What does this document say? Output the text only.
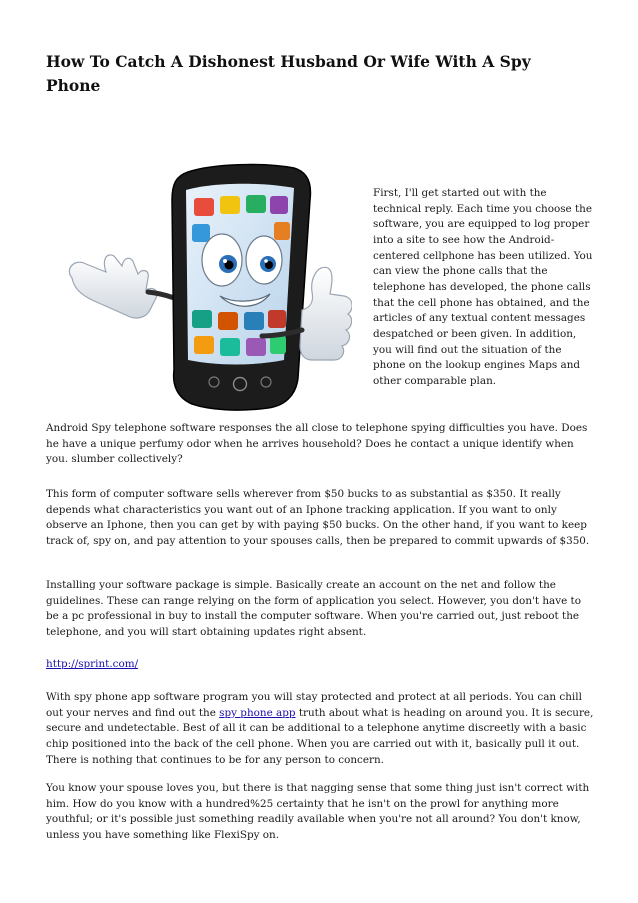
How To Catch A Dishonest Husband Or Wife With A Spy Phone

First, I'll get started out with the technical reply. Each time you choose the software, you are equipped to log proper into a site to see how the Android-centered cellphone has been utilized. You can view the phone calls that the telephone has developed, the phone calls that the cell phone has obtained, and the articles of any textual content messages despatched or been given. In addition, you will find out the situation of the phone on the lookup engines Maps and other comparable plan.

Android Spy telephone software responses the all close to telephone spying difficulties you have. Does he have a unique perfumy odor when he arrives household? Does he contact a unique identify when you. slumber collectively?

This form of computer software sells wherever from $50 bucks to as substantial as $350. It really depends what characteristics you want out of an Iphone tracking application. If you want to only observe an Iphone, then you can get by with paying $50 bucks. On the other hand, if you want to keep track of, spy on, and pay attention to your spouses calls, then be prepared to commit upwards of $350.

Installing your software package is simple. Basically create an account on the net and follow the guidelines. These can range relying on the form of application you select. However, you don't have to be a pc professional in buy to install the computer software. When you're carried out, just reboot the telephone, and you will start obtaining updates right absent.

http://sprint.com/

With spy phone app software program you will stay protected and protect at all periods. You can chill out your nerves and find out the spy phone app truth about what is heading on around you. It is secure, secure and undetectable. Best of all it can be additional to a telephone anytime discreetly with a basic chip positioned into the back of the cell phone. When you are carried out with it, basically pull it out. There is nothing that continues to be for any person to concern.

You know your spouse loves you, but there is that nagging sense that some thing just isn't correct with him. How do you know with a hundred%25 certainty that he isn't on the prowl for anything more youthful; or it's possible just something readily available when you're not all around? You don't know, unless you have something like FlexiSpy on.
